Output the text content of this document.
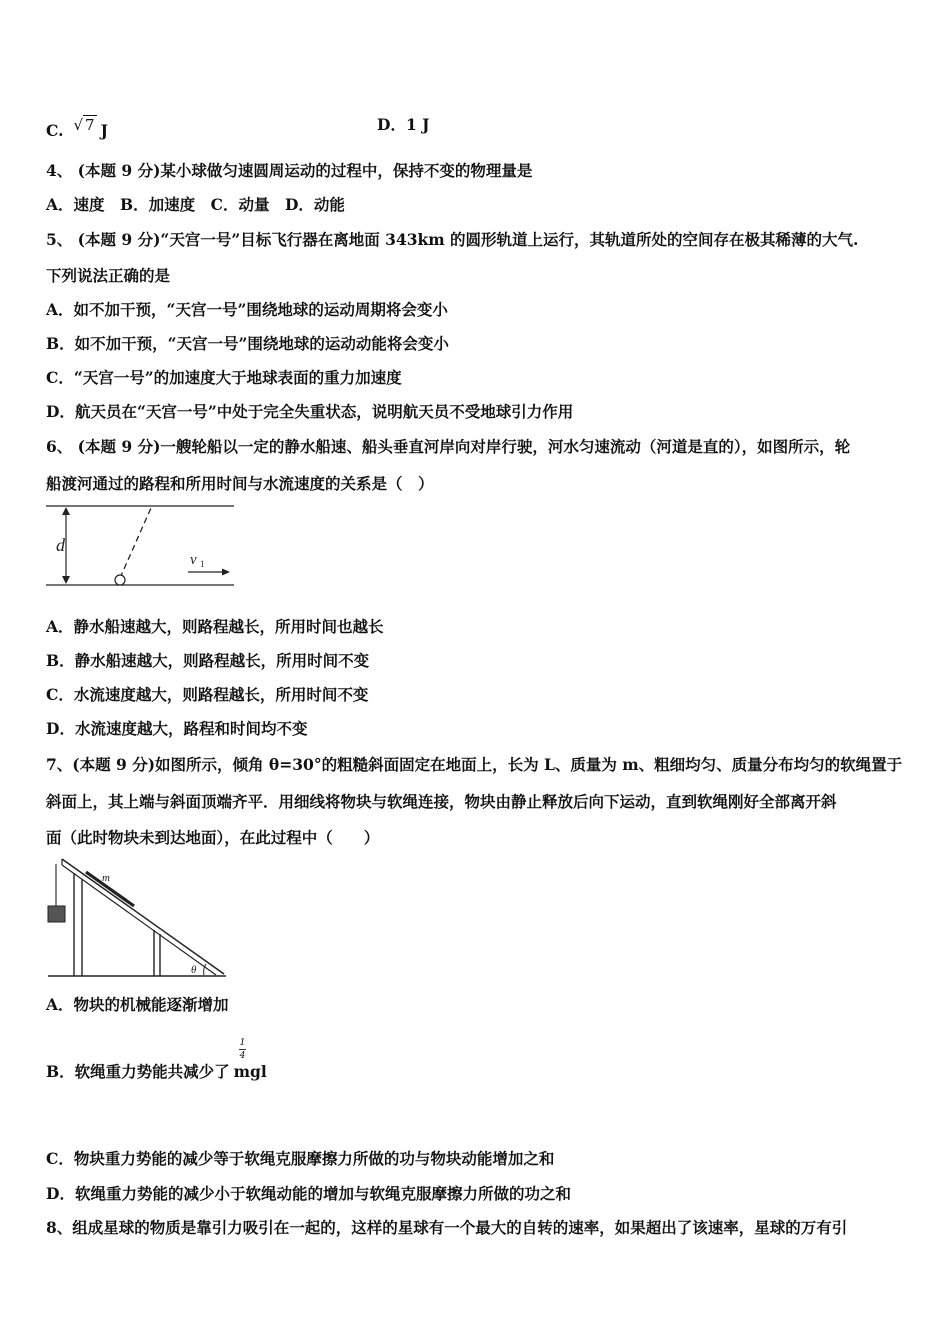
C. √ 7 J	D．1 J
4、 (本题 9 分)某小球做匀速圆周运动的过程中，保持不变的物理量是
A．速度　B．加速度　C．动量　D．动能
5、 (本题 9 分)“天宫一号”目标飞行器在离地面 343km 的圆形轨道上运行，其轨道所处的空间存在极其稀薄的大气.
下列说法正确的是
A．如不加干预，“天宫一号”围绕地球的运动周期将会变小
B．如不加干预，“天宫一号”围绕地球的运动动能将会变小
C．“天宫一号”的加速度大于地球表面的重力加速度
D．航天员在“天宫一号”中处于完全失重状态，说明航天员不受地球引力作用
6、 (本题 9 分)一艘轮船以一定的静水船速、船头垂直河岸向对岸行驶，河水匀速流动（河道是直的），如图所示，轮
船渡河通过的路程和所用时间与水流速度的关系是（　）
d
v 1
A．静水船速越大，则路程越长，所用时间也越长
B．静水船速越大，则路程越长，所用时间不变
C．水流速度越大，则路程越长，所用时间不变
D．水流速度越大，路程和时间均不变
7、(本题 9 分)如图所示，倾角 θ=30°的粗糙斜面固定在地面上，长为 L、质量为 m、粗细均匀、质量分布均匀的软绳置于
斜面上，其上端与斜面顶端齐平．用细线将物块与软绳连接，物块由静止释放后向下运动，直到软绳刚好全部离开斜
面（此时物块未到达地面），在此过程中（　　）
m
θ
A．物块的机械能逐渐增加
1
4
B．软绳重力势能共减少了 mgl
C．物块重力势能的减少等于软绳克服摩擦力所做的功与物块动能增加之和
D．软绳重力势能的减少小于软绳动能的增加与软绳克服摩擦力所做的功之和
8、组成星球的物质是靠引力吸引在一起的，这样的星球有一个最大的自转的速率，如果超出了该速率，星球的万有引
